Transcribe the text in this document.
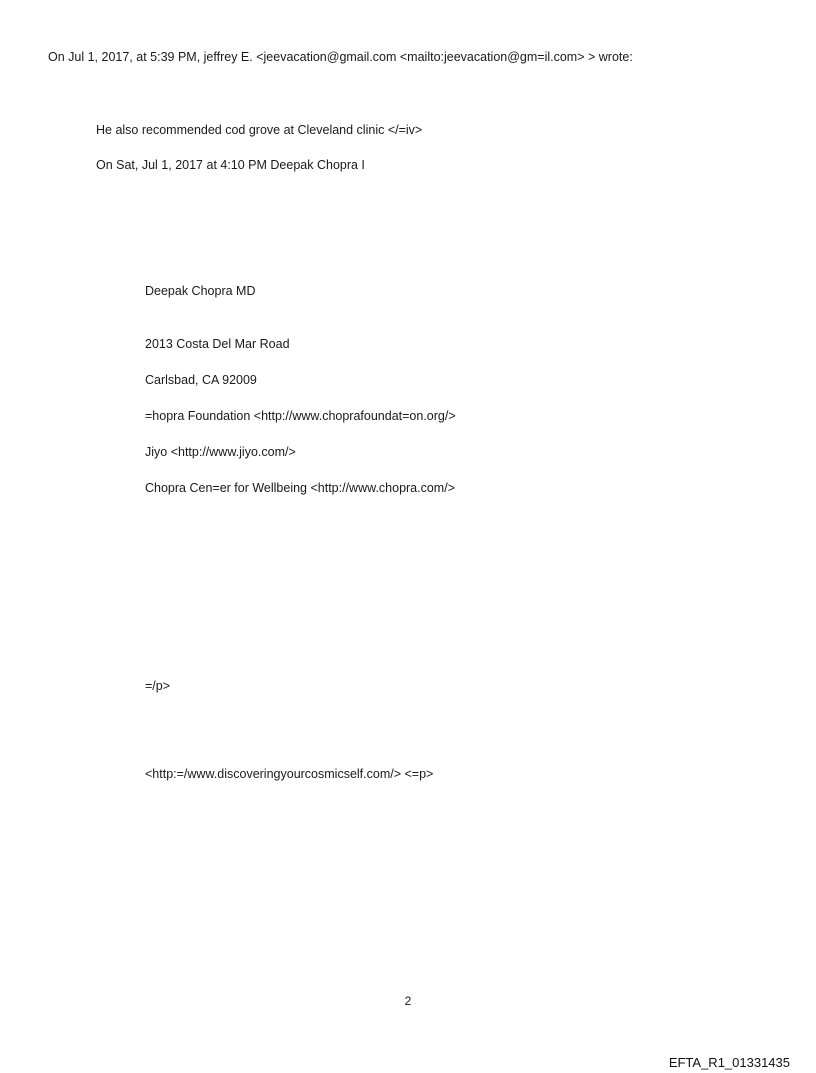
On Jul 1, 2017, at 5:39 PM, jeffrey E. <jeevacation@gmail.com <mailto:jeevacation@gm=il.com> > wrote:
He also recommended cod grove at Cleveland clinic </=iv>
On Sat, Jul 1, 2017 at 4:10 PM Deepak Chopra I
Deepak Chopra MD
2013 Costa Del Mar Road
Carlsbad, CA 92009
=hopra Foundation <http://www.choprafoundat=on.org/>
Jiyo <http://www.jiyo.com/>
Chopra Cen=er for Wellbeing <http://www.chopra.com/>
=/p>
<http:=/www.discoveringyourcosmicself.com/> <=p>
2
EFTA_R1_01331435
